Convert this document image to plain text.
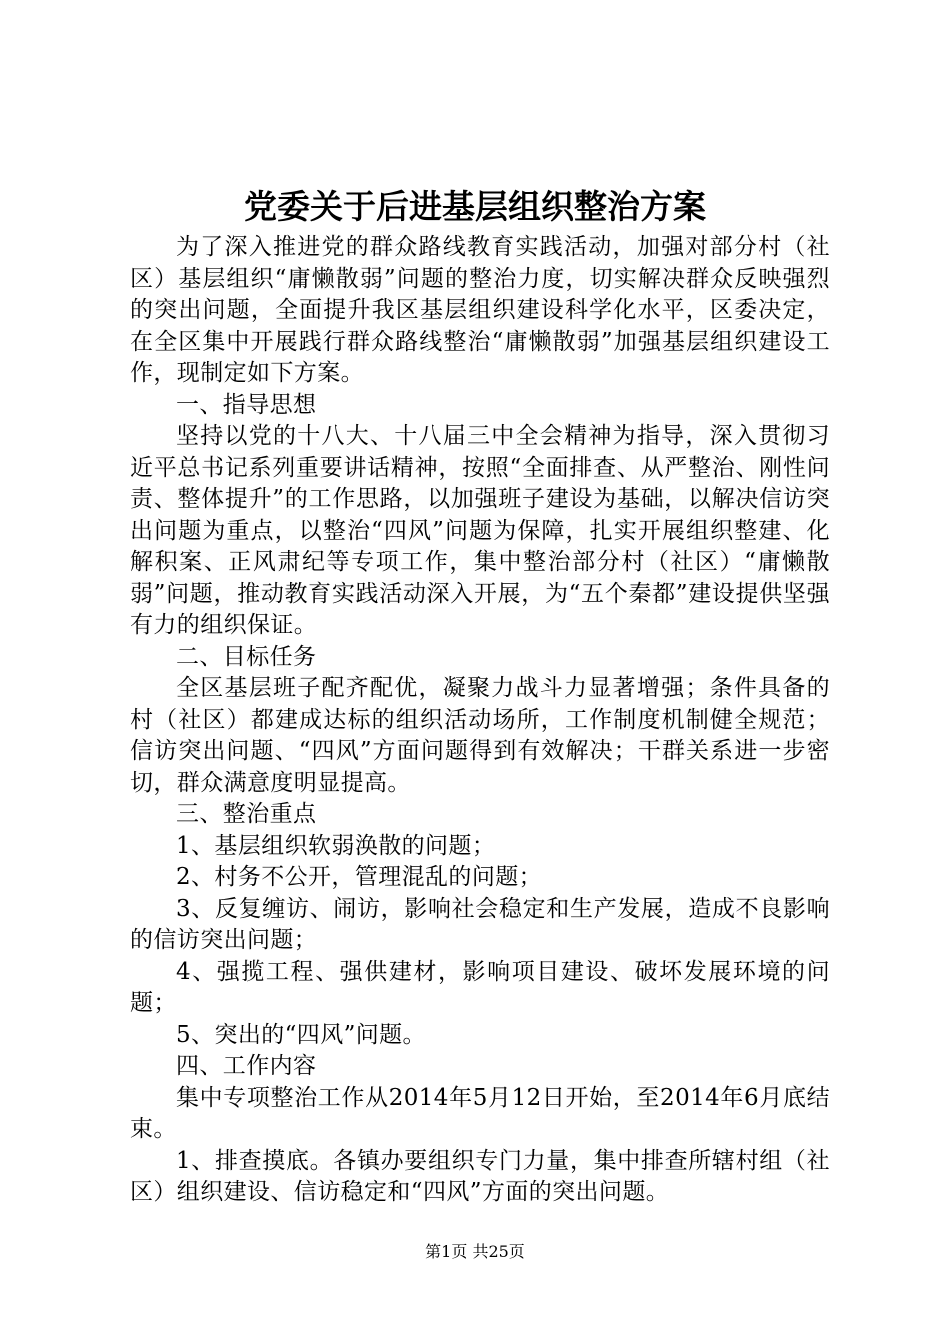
党委关于后进基层组织整治方案

为了深入推进党的群众路线教育实践活动，加强对部分村（社区）基层组织“庸懒散弱”问题的整治力度，切实解决群众反映强烈的突出问题，全面提升我区基层组织建设科学化水平，区委决定，在全区集中开展践行群众路线整治“庸懒散弱”加强基层组织建设工作，现制定如下方案。

一、指导思想

坚持以党的十八大、十八届三中全会精神为指导，深入贯彻习近平总书记系列重要讲话精神，按照“全面排查、从严整治、刚性问责、整体提升”的工作思路，以加强班子建设为基础，以解决信访突出问题为重点，以整治“四风”问题为保障，扎实开展组织整建、化解积案、正风肃纪等专项工作，集中整治部分村（社区）“庸懒散弱”问题，推动教育实践活动深入开展，为“五个秦都”建设提供坚强有力的组织保证。

二、目标任务

全区基层班子配齐配优，凝聚力战斗力显著增强；条件具备的村（社区）都建成达标的组织活动场所，工作制度机制健全规范；信访突出问题、“四风”方面问题得到有效解决；干群关系进一步密切，群众满意度明显提高。

三、整治重点

1、基层组织软弱涣散的问题；

2、村务不公开，管理混乱的问题；

3、反复缠访、闹访，影响社会稳定和生产发展，造成不良影响的信访突出问题；

4、强揽工程、强供建材，影响项目建设、破坏发展环境的问题；

5、突出的“四风”问题。

四、工作内容

集中专项整治工作从2014年5月12日开始，至2014年6月底结束。

1、排查摸底。各镇办要组织专门力量，集中排查所辖村组（社区）组织建设、信访稳定和“四风”方面的突出问题。

第1页 共25页
